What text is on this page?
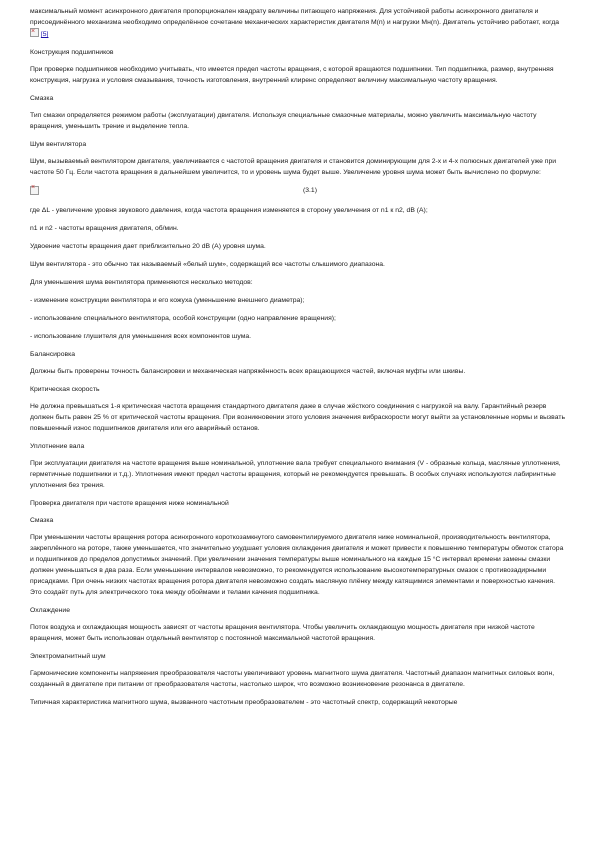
максимальный момент асинхронного двигателя пропорционален квадрату величины питающего напряжения. Для устойчивой работы асинхронного двигателя и присоединённого механизма необходимо определённое сочетание механических характеристик двигателя M(n) и нагрузки Mн(n). Двигатель устойчиво работает, когда × [5]

Конструкция подшипников

При проверке подшипников необходимо учитывать, что имеется предел частоты вращения, с которой вращаются подшипники. Тип подшипника, размер, внутренняя конструкция, нагрузка и условия смазывания, точность изготовления, внутренний клиренс определяют величину максимальную частоту вращения.

Смазка

Тип смазки определяется режимом работы (эксплуатации) двигателя. Используя специальные смазочные материалы, можно увеличить максимальную частоту вращения, уменьшить трение и выделение тепла.

Шум вентилятора

Шум, вызываемый вентилятором двигателя, увеличивается с частотой вращения двигателя и становится доминирующим для 2-х и 4-х полюсных двигателей уже при частоте 50 Гц. Если частота вращения в дальнейшем увеличится, то и уровень шума будет выше. Увеличение уровня шума может быть вычислено по формуле:

×

(3.1)

где ΔL - увеличение уровня звукового давления, когда частота вращения изменяется в сторону увеличения от n1 к n2, dB (A);

n1 и n2 - частоты вращения двигателя, об/мин.

Удвоение частоты вращения дает приблизительно 20 dB (A) уровня шума.

Шум вентилятора - это обычно так называемый «белый шум», содержащий все частоты слышимого диапазона.

Для уменьшения шума вентилятора применяются несколько методов:

- изменение конструкции вентилятора и его кожуха (уменьшение внешнего диаметра);

- использование специального вентилятора, особой конструкции (одно направление вращения);

- использование глушителя для уменьшения всех компонентов шума.

Балансировка

Должны быть проверены точность балансировки и механическая напряжённость всех вращающихся частей, включая муфты или шкивы.

Критическая скорость

Не должна превышаться 1-я критическая частота вращения стандартного двигателя даже в случае жёсткого соединения с нагрузкой на валу. Гарантийный резерв должен быть равен 25 % от критической частоты вращения. При возникновении этого условия значения вибраскорости могут выйти за установленные нормы и вызвать повышенный износ подшипников двигателя или его аварийный останов.

Уплотнение вала

При эксплуатации двигателя на частоте вращения выше номинальной, уплотнение вала требует специального внимания (V - образные кольца, масляные уплотнения, герметичные подшипники и т.д.). Уплотнения имеют предел частоты вращения, который не рекомендуется превышать. В особых случаях используются лабиринтные уплотнения без трения.

Проверка двигателя при частоте вращения ниже номинальной

Смазка

При уменьшении частоты вращения ротора асинхронного короткозамкнутого самовентилируемого двигателя ниже номинальной, производительность вентилятора, закреплённого на роторе, также уменьшается, что значительно ухудшает условия охлаждения двигателя и может привести к повышению температуры обмоток статора и подшипников до пределов допустимых значений. При увеличении значения температуры выше номинального на каждые 15 °С интервал времени замены смазки должен уменьшаться в два раза. Если уменьшение интервалов невозможно, то рекомендуется использование высокотемпературных смазок с противозадирными присадками. При очень низких частотах вращения ротора двигателя невозможно создать масляную плёнку между катящимися элементами и поверхностью качения. Это создаёт путь для электрического тока между обоймами и телами качения подшипника.

Охлаждение

Поток воздуха и охлаждающая мощность зависят от частоты вращения вентилятора. Чтобы увеличить охлаждающую мощность двигателя при низкой частоте вращения, может быть использован отдельный вентилятор с постоянной максимальной частотой вращения.

Электромагнитный шум

Гармонические компоненты напряжения преобразователя частоты увеличивают уровень магнитного шума двигателя. Частотный диапазон магнитных силовых волн, созданный в двигателе при питании от преобразователя частоты, настолько широк, что возможно возникновение резонанса в двигателе.

Типичная характеристика магнитного шума, вызванного частотным преобразователем - это частотный спектр, содержащий некоторые
